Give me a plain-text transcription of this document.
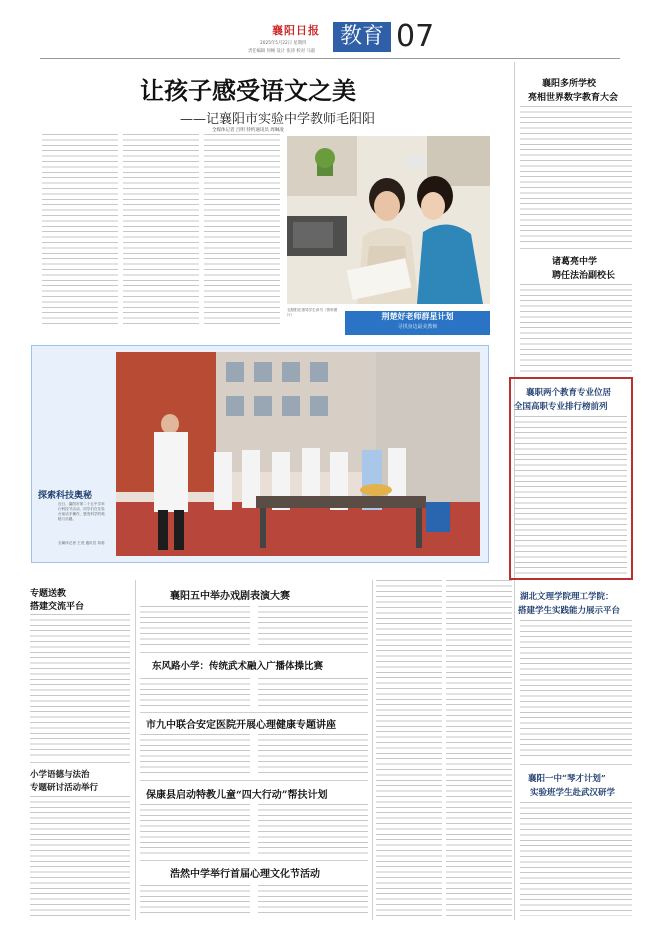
襄阳日报
2025年5月22日 星期四
责任编辑 何畅 设计 张沛 校对 马淑
教育 07
让孩子感受语文之美
——记襄阳市实验中学教师毛阳阳
全媒体记者 吕明 特约通讯员 周琳凌
毛阳阳在指导学生读书（资料照片）	荆楚好老师群星计划
寻找身边最美教师
探索科技奥秘
近日，襄阳市第二十五中学举行科技节活动，同学们在实验台前动手操作，感受科学的奥秘与乐趣。
全媒体记者 王虎 通讯员 刘莉
专题送教
搭建交流平台
小学语德与法治
专题研讨活动举行
襄阳五中举办戏剧表演大赛
东风路小学：传统武术融入广播体操比赛
市九中联合安定医院开展心理健康专题讲座
保康县启动特教儿童“四大行动”帮扶计划
浩然中学举行首届心理文化节活动
襄阳多所学校
亮相世界数字教育大会
诸葛亮中学
聘任法治副校长
襄职两个教育专业位居
全国高职专业排行榜前列
湖北文理学院理工学院：
搭建学生实践能力展示平台
襄阳一中“琴才计划”
实验班学生赴武汉研学
